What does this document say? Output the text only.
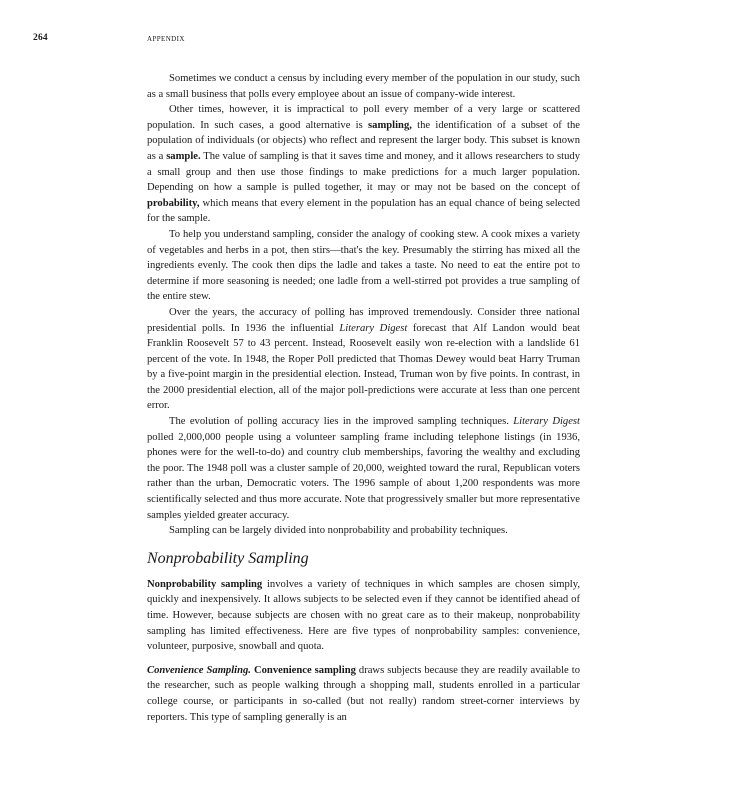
264	APPENDIX

Sometimes we conduct a census by including every member of the population in our study, such as a small business that polls every employee about an issue of company-wide interest.

Other times, however, it is impractical to poll every member of a very large or scattered population. In such cases, a good alternative is sampling, the identification of a subset of the population of individuals (or objects) who reflect and represent the larger body. This subset is known as a sample. The value of sampling is that it saves time and money, and it allows researchers to study a small group and then use those findings to make predictions for a much larger population. Depending on how a sample is pulled together, it may or may not be based on the concept of probability, which means that every element in the population has an equal chance of being selected for the sample.

To help you understand sampling, consider the analogy of cooking stew. A cook mixes a variety of vegetables and herbs in a pot, then stirs—that's the key. Presumably the stirring has mixed all the ingredients evenly. The cook then dips the ladle and takes a taste. No need to eat the entire pot to determine if more seasoning is needed; one ladle from a well-stirred pot provides a true sampling of the entire stew.

Over the years, the accuracy of polling has improved tremendously. Consider three national presidential polls. In 1936 the influential Literary Digest forecast that Alf Landon would beat Franklin Roosevelt 57 to 43 percent. Instead, Roosevelt easily won re-election with a landslide 61 percent of the vote. In 1948, the Roper Poll predicted that Thomas Dewey would beat Harry Truman by a five-point margin in the presidential election. Instead, Truman won by five points. In contrast, in the 2000 presidential election, all of the major poll-predictions were accurate at less than one percent error.

The evolution of polling accuracy lies in the improved sampling techniques. Literary Digest polled 2,000,000 people using a volunteer sampling frame including telephone listings (in 1936, phones were for the well-to-do) and country club memberships, favoring the wealthy and excluding the poor. The 1948 poll was a cluster sample of 20,000, weighted toward the rural, Republican voters rather than the urban, Democratic voters. The 1996 sample of about 1,200 respondents was more scientifically selected and thus more accurate. Note that progressively smaller but more representative samples yielded greater accuracy.

Sampling can be largely divided into nonprobability and probability techniques.

Nonprobability Sampling

Nonprobability sampling involves a variety of techniques in which samples are chosen simply, quickly and inexpensively. It allows subjects to be selected even if they cannot be identified ahead of time. However, because subjects are chosen with no great care as to their makeup, nonprobability sampling has limited effectiveness. Here are five types of nonprobability samples: convenience, volunteer, purposive, snowball and quota.

Convenience Sampling. Convenience sampling draws subjects because they are readily available to the researcher, such as people walking through a shopping mall, students enrolled in a particular college course, or participants in so-called (but not really) random street-corner interviews by reporters. This type of sampling generally is an
